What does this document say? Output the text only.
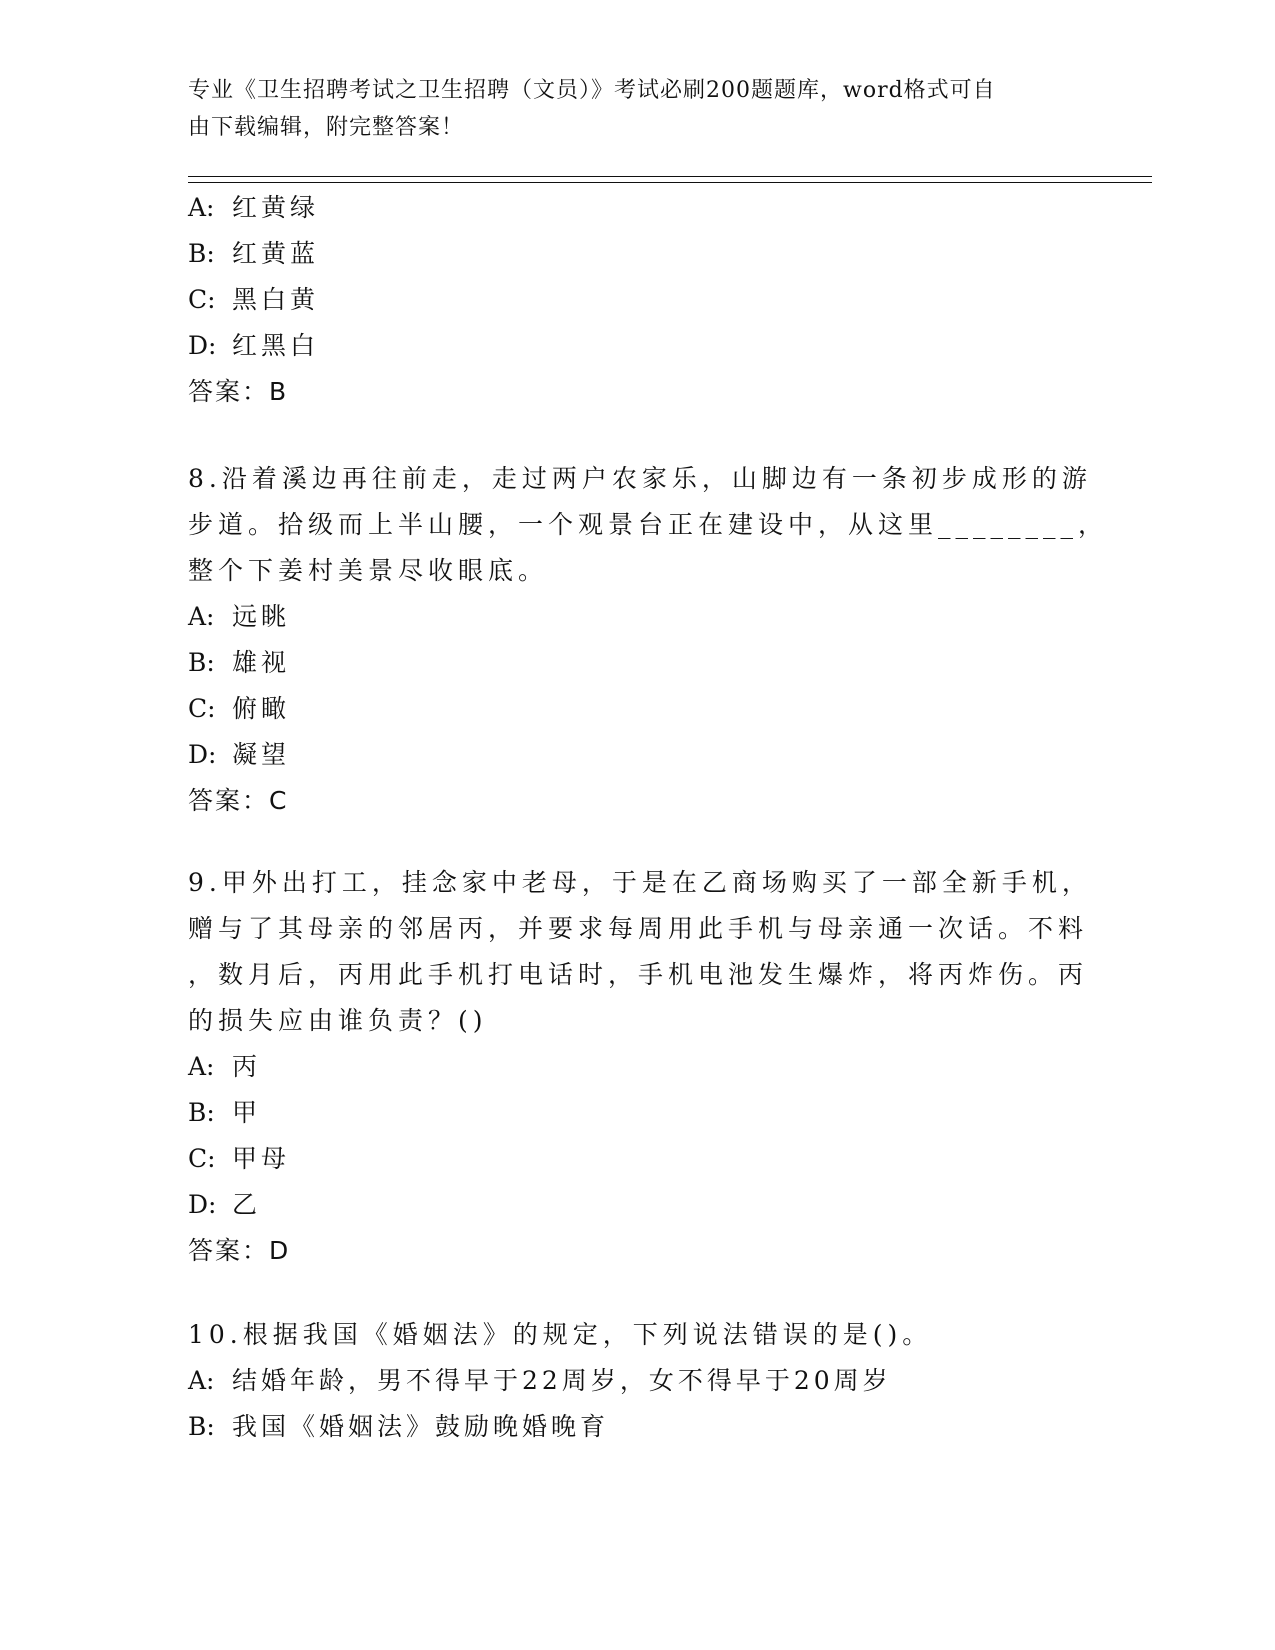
专业《卫生招聘考试之卫生招聘（文员）》考试必刷200题题库，word格式可自

由下载编辑，附完整答案！

A: 红黄绿
B: 红黄蓝
C: 黑白黄
D: 红黑白
答案：B
8.沿着溪边再往前走，走过两户农家乐，山脚边有一条初步成形的游
步道。拾级而上半山腰，一个观景台正在建设中，从这里________，
整个下姜村美景尽收眼底。
A: 远眺
B: 雄视
C: 俯瞰
D: 凝望
答案：C
9.甲外出打工，挂念家中老母，于是在乙商场购买了一部全新手机，
赠与了其母亲的邻居丙，并要求每周用此手机与母亲通一次话。不料
，数月后，丙用此手机打电话时，手机电池发生爆炸，将丙炸伤。丙
的损失应由谁负责？()
A: 丙
B: 甲
C: 甲母
D: 乙
答案：D
10.根据我国《婚姻法》的规定，下列说法错误的是()。
A: 结婚年龄，男不得早于22周岁，女不得早于20周岁
B: 我国《婚姻法》鼓励晚婚晚育
